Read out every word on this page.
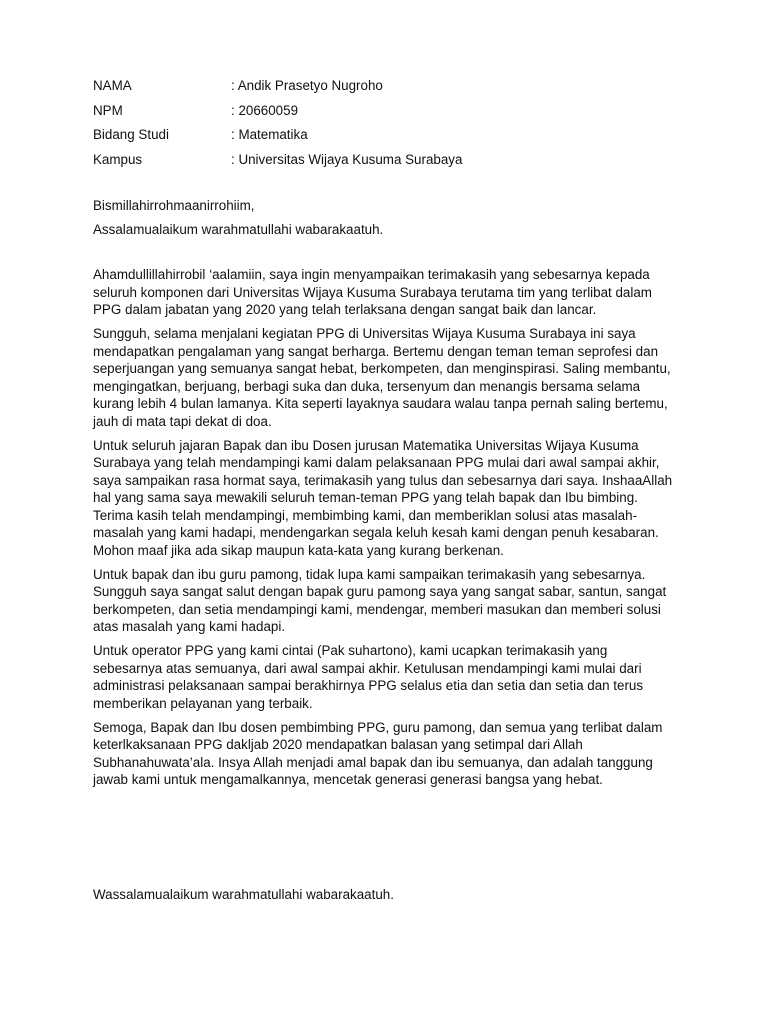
NAMA	: Andik Prasetyo Nugroho
NPM	: 20660059
Bidang Studi	: Matematika
Kampus	: Universitas Wijaya Kusuma Surabaya

Bismillahirrohmaanirrohiim,

Assalamualaikum warahmatullahi wabarakaatuh.

Ahamdullillahirrobil ‘aalamiin, saya ingin menyampaikan terimakasih yang sebesarnya kepada seluruh komponen dari Universitas Wijaya Kusuma Surabaya terutama tim yang terlibat dalam PPG dalam jabatan yang 2020 yang telah terlaksana dengan sangat baik dan lancar.

Sungguh, selama menjalani kegiatan PPG di Universitas Wijaya Kusuma Surabaya ini saya mendapatkan pengalaman yang sangat berharga. Bertemu dengan teman teman seprofesi dan seperjuangan yang semuanya sangat hebat, berkompeten, dan menginspirasi. Saling membantu, mengingatkan, berjuang, berbagi suka dan duka, tersenyum dan menangis bersama selama kurang lebih 4 bulan lamanya. Kita seperti layaknya saudara walau tanpa pernah saling bertemu, jauh di mata tapi dekat di doa.

Untuk seluruh jajaran Bapak dan ibu Dosen jurusan Matematika Universitas Wijaya Kusuma Surabaya yang telah mendampingi kami dalam pelaksanaan PPG mulai dari awal sampai akhir, saya sampaikan rasa hormat saya, terimakasih yang tulus dan sebesarnya dari saya. InshaaAllah hal yang sama saya mewakili seluruh teman-teman PPG yang telah bapak dan Ibu bimbing. Terima kasih telah mendampingi, membimbing kami, dan memberiklan solusi atas masalah-masalah yang kami hadapi, mendengarkan segala keluh kesah kami dengan penuh kesabaran. Mohon maaf jika ada sikap maupun kata-kata yang kurang berkenan.

Untuk bapak dan ibu guru pamong, tidak lupa kami sampaikan terimakasih yang sebesarnya. Sungguh saya sangat salut dengan bapak guru pamong saya yang sangat sabar, santun, sangat berkompeten, dan setia mendampingi kami, mendengar, memberi masukan dan memberi solusi atas masalah yang kami hadapi.

Untuk operator PPG yang kami cintai (Pak suhartono), kami ucapkan terimakasih yang sebesarnya atas semuanya, dari awal sampai akhir. Ketulusan mendampingi kami mulai dari administrasi pelaksanaan sampai berakhirnya PPG selalus etia dan setia dan setia dan terus memberikan pelayanan yang terbaik.

Semoga, Bapak dan Ibu dosen pembimbing PPG, guru pamong, dan semua yang terlibat dalam keterlkaksanaan PPG dakljab 2020 mendapatkan balasan yang setimpal dari Allah Subhanahuwata’ala. Insya Allah menjadi amal bapak dan ibu semuanya, dan adalah tanggung jawab kami untuk mengamalkannya, mencetak generasi generasi bangsa yang hebat.

Wassalamualaikum warahmatullahi wabarakaatuh.
